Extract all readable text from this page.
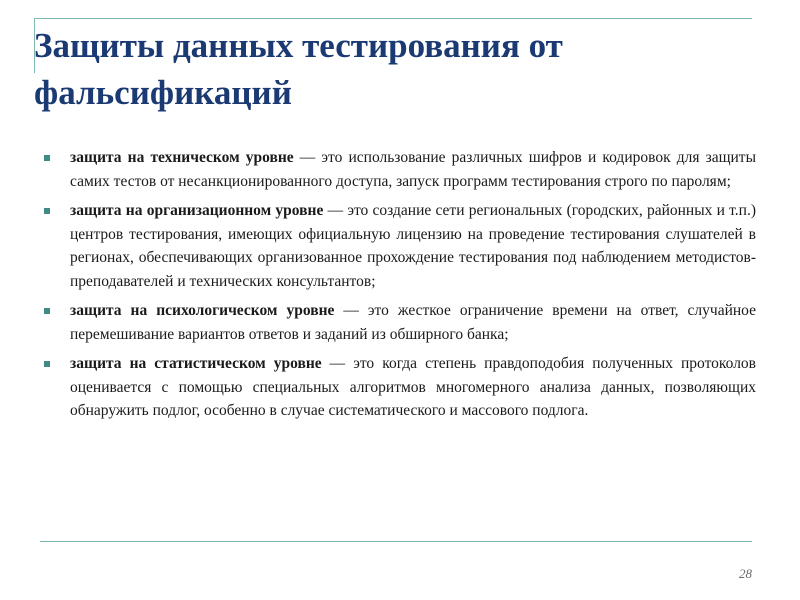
Защиты данных тестирования от фальсификаций
защита на техническом уровне — это использование различных шифров и кодировок для защиты самих тестов от несанкционированного доступа, запуск программ тестирования строго по паролям;
защита на организационном уровне — это создание сети региональных (городских, районных и т.п.) центров тестирования, имеющих официальную лицензию на проведение тестирования слушателей в регионах, обеспечивающих организованное прохождение тестирования под наблюдением методистов-преподавателей и технических консультантов;
защита на психологическом уровне — это жесткое ограничение времени на ответ, случайное перемешивание вариантов ответов и заданий из обширного банка;
защита на статистическом уровне — это когда степень правдоподобия полученных протоколов оценивается с помощью специальных алгоритмов многомерного анализа данных, позволяющих обнаружить подлог, особенно в случае систематического и массового подлога.
28
